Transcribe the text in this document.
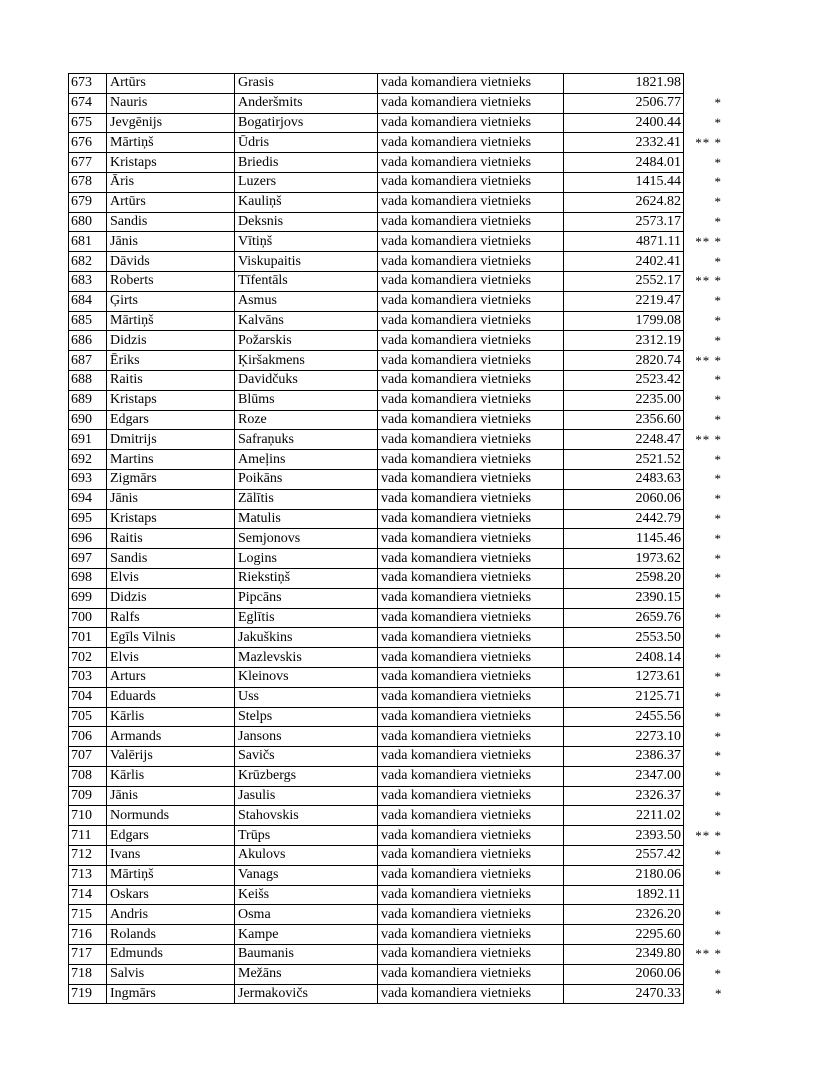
673	Artūrs	Grasis	vada komandiera vietnieks	1821.98	
674	Nauris	Anderšmits	vada komandiera vietnieks	2506.77	*
675	Jevgēnijs	Bogatirjovs	vada komandiera vietnieks	2400.44	*
676	Mārtiņš	Ūdris	vada komandiera vietnieks	2332.41	** *
677	Kristaps	Briedis	vada komandiera vietnieks	2484.01	*
678	Āris	Luzers	vada komandiera vietnieks	1415.44	*
679	Artūrs	Kauliņš	vada komandiera vietnieks	2624.82	*
680	Sandis	Deksnis	vada komandiera vietnieks	2573.17	*
681	Jānis	Vītiņš	vada komandiera vietnieks	4871.11	** *
682	Dāvids	Viskupaitis	vada komandiera vietnieks	2402.41	*
683	Roberts	Tīfentāls	vada komandiera vietnieks	2552.17	** *
684	Ģirts	Asmus	vada komandiera vietnieks	2219.47	*
685	Mārtiņš	Kalvāns	vada komandiera vietnieks	1799.08	*
686	Didzis	Požarskis	vada komandiera vietnieks	2312.19	*
687	Ēriks	Ķiršakmens	vada komandiera vietnieks	2820.74	** *
688	Raitis	Davidčuks	vada komandiera vietnieks	2523.42	*
689	Kristaps	Blūms	vada komandiera vietnieks	2235.00	*
690	Edgars	Roze	vada komandiera vietnieks	2356.60	*
691	Dmitrijs	Safraņuks	vada komandiera vietnieks	2248.47	** *
692	Martins	Ameļins	vada komandiera vietnieks	2521.52	*
693	Zigmārs	Poikāns	vada komandiera vietnieks	2483.63	*
694	Jānis	Zālītis	vada komandiera vietnieks	2060.06	*
695	Kristaps	Matulis	vada komandiera vietnieks	2442.79	*
696	Raitis	Semjonovs	vada komandiera vietnieks	1145.46	*
697	Sandis	Logins	vada komandiera vietnieks	1973.62	*
698	Elvis	Riekstiņš	vada komandiera vietnieks	2598.20	*
699	Didzis	Pipcāns	vada komandiera vietnieks	2390.15	*
700	Ralfs	Eglītis	vada komandiera vietnieks	2659.76	*
701	Egīls Vilnis	Jakuškins	vada komandiera vietnieks	2553.50	*
702	Elvis	Mazlevskis	vada komandiera vietnieks	2408.14	*
703	Arturs	Kleinovs	vada komandiera vietnieks	1273.61	*
704	Eduards	Uss	vada komandiera vietnieks	2125.71	*
705	Kārlis	Stelps	vada komandiera vietnieks	2455.56	*
706	Armands	Jansons	vada komandiera vietnieks	2273.10	*
707	Valērijs	Savičs	vada komandiera vietnieks	2386.37	*
708	Kārlis	Krūzbergs	vada komandiera vietnieks	2347.00	*
709	Jānis	Jasulis	vada komandiera vietnieks	2326.37	*
710	Normunds	Stahovskis	vada komandiera vietnieks	2211.02	*
711	Edgars	Trūps	vada komandiera vietnieks	2393.50	** *
712	Ivans	Akulovs	vada komandiera vietnieks	2557.42	*
713	Mārtiņš	Vanags	vada komandiera vietnieks	2180.06	*
714	Oskars	Keišs	vada komandiera vietnieks	1892.11	
715	Andris	Osma	vada komandiera vietnieks	2326.20	*
716	Rolands	Kampe	vada komandiera vietnieks	2295.60	*
717	Edmunds	Baumanis	vada komandiera vietnieks	2349.80	** *
718	Salvis	Mežāns	vada komandiera vietnieks	2060.06	*
719	Ingmārs	Jermakovičs	vada komandiera vietnieks	2470.33	*
